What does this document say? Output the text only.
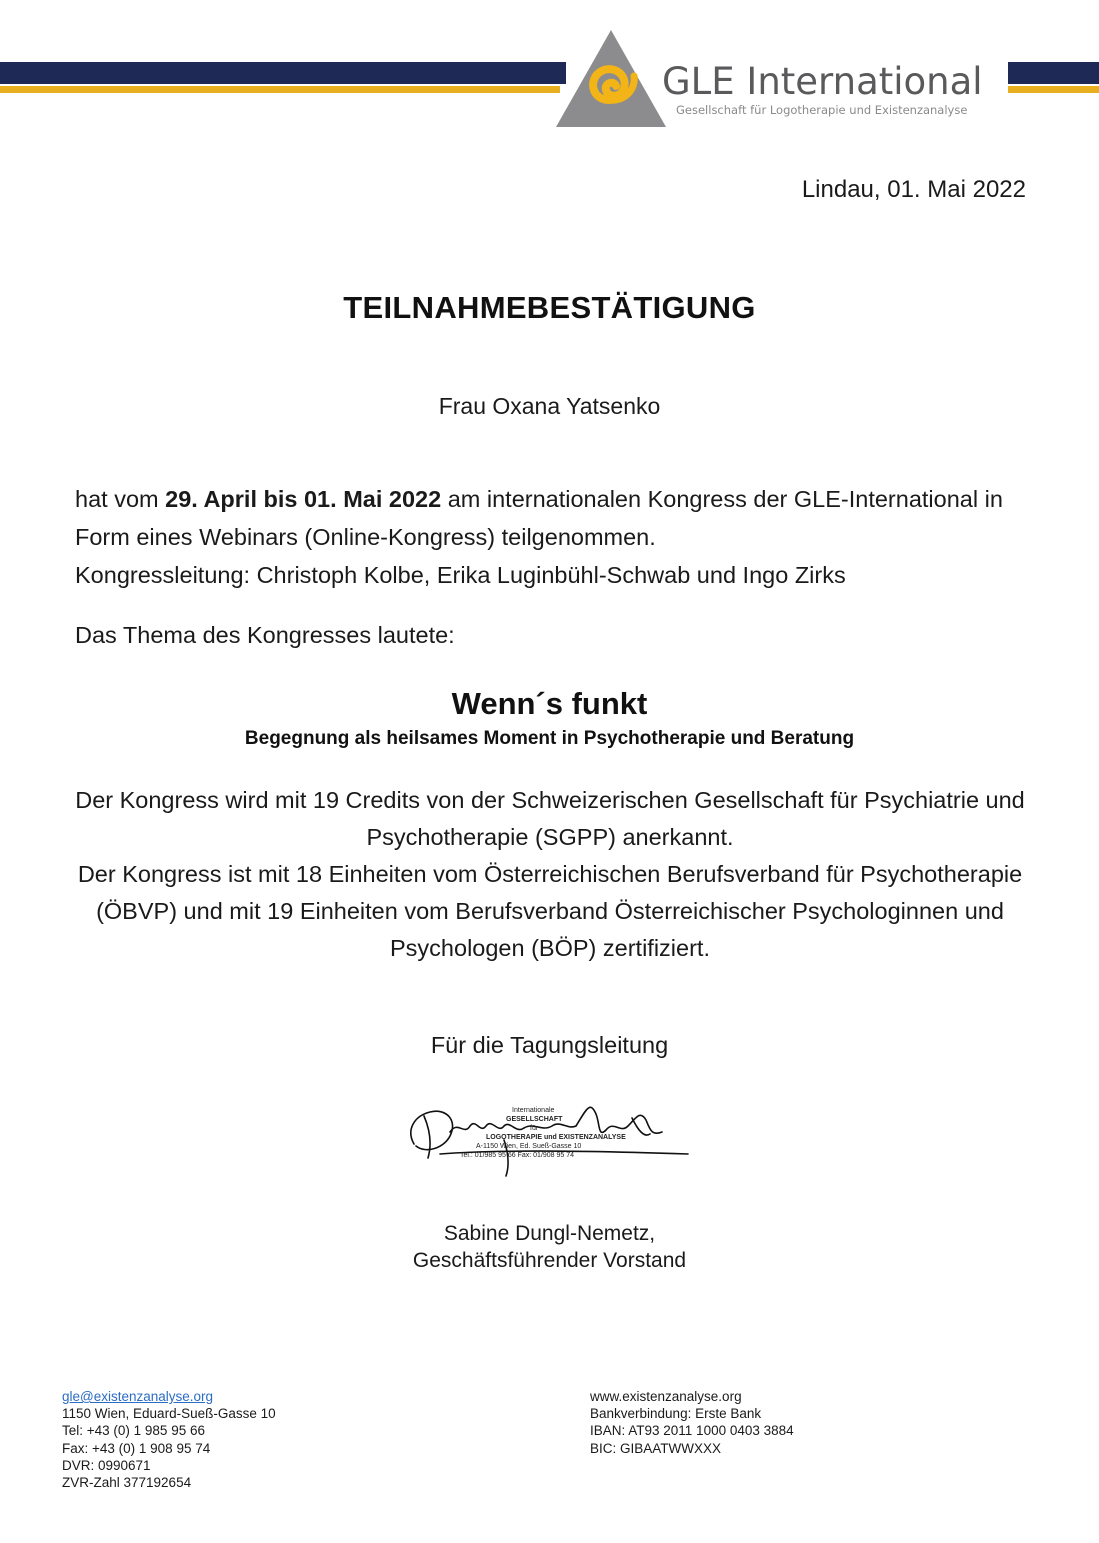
GLE International
Gesellschaft für Logotherapie und Existenzanalyse
Lindau, 01. Mai 2022
TEILNAHMEBESTÄTIGUNG
Frau Oxana Yatsenko
hat vom 29. April bis 01. Mai 2022 am internationalen Kongress der GLE-International in Form eines Webinars (Online-Kongress) teilgenommen.
Kongressleitung: Christoph Kolbe, Erika Luginbühl-Schwab und Ingo Zirks
Das Thema des Kongresses lautete:
Wenn´s funkt
Begegnung als heilsames Moment in Psychotherapie und Beratung

Der Kongress wird mit 19 Credits von der Schweizerischen Gesellschaft für Psychiatrie und Psychotherapie (SGPP) anerkannt.

Der Kongress ist mit 18 Einheiten vom Österreichischen Berufsverband für Psychotherapie (ÖBVP) und mit 19 Einheiten vom Berufsverband Österreichischer Psychologinnen und Psychologen (BÖP) zertifiziert.

Für die Tagungsleitung
Internationale
GESELLSCHAFT
für
LOGOTHERAPIE und EXISTENZANALYSE
A-1150 Wien, Ed. Sueß-Gasse 10
Tel.: 01/985 95 66 Fax: 01/908 95 74
Sabine Dungl-Nemetz,
Geschäftsführender Vorstand
gle@existenzanalyse.org
1150 Wien, Eduard-Sueß-Gasse 10
Tel: +43 (0) 1 985 95 66
Fax: +43 (0) 1 908 95 74
DVR: 0990671
ZVR-Zahl 377192654
www.existenzanalyse.org
Bankverbindung: Erste Bank
IBAN: AT93 2011 1000 0403 3884
BIC: GIBAATWWXXX
